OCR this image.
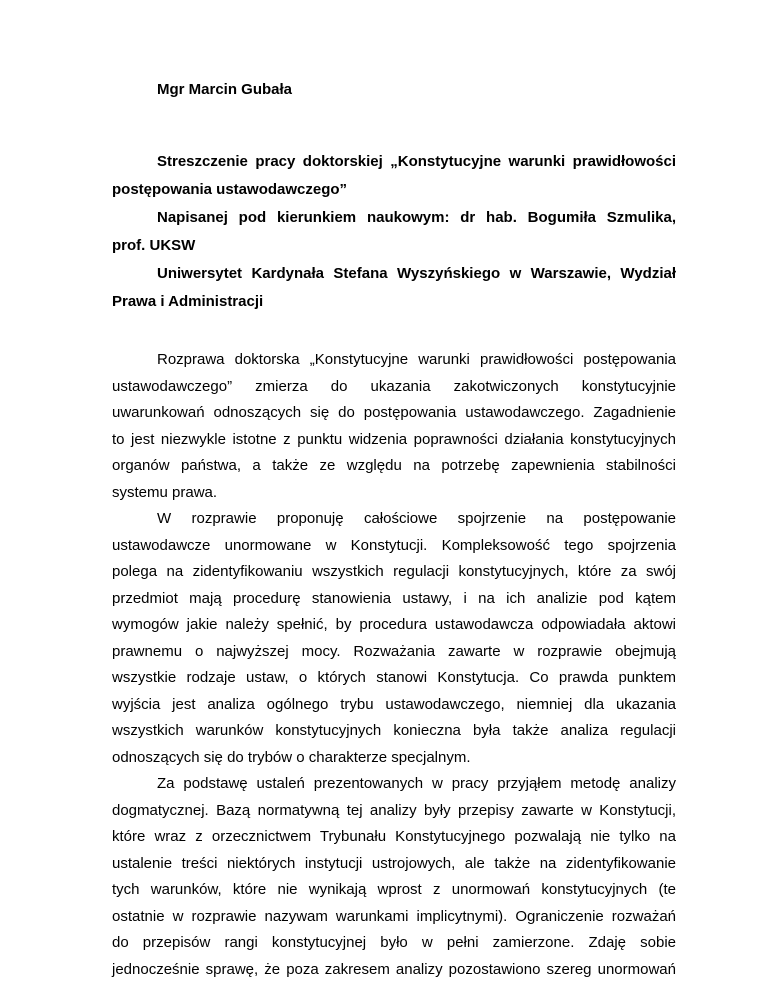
Mgr Marcin Gubała
Streszczenie pracy doktorskiej „Konstytucyjne warunki prawidłowości
postępowania ustawodawczego”
Napisanej pod kierunkiem naukowym: dr hab. Bogumiła Szmulika,
prof. UKSW
Uniwersytet Kardynała Stefana Wyszyńskiego w Warszawie, Wydział
Prawa i Administracji
Rozprawa doktorska „Konstytucyjne warunki prawidłowości postępowania
ustawodawczego” zmierza do ukazania zakotwiczonych konstytucyjnie
uwarunkowań odnoszących się do postępowania ustawodawczego. Zagadnienie
to jest niezwykle istotne z punktu widzenia poprawności działania konstytucyjnych
organów państwa, a także ze względu na potrzebę zapewnienia stabilności
systemu prawa.
W rozprawie proponuję całościowe spojrzenie na postępowanie
ustawodawcze unormowane w Konstytucji. Kompleksowość tego spojrzenia
polega na zidentyfikowaniu wszystkich regulacji konstytucyjnych, które za swój
przedmiot mają procedurę stanowienia ustawy, i na ich analizie pod kątem
wymogów jakie należy spełnić, by procedura ustawodawcza odpowiadała aktowi
prawnemu o najwyższej mocy. Rozważania zawarte w rozprawie obejmują
wszystkie rodzaje ustaw, o których stanowi Konstytucja. Co prawda punktem
wyjścia jest analiza ogólnego trybu ustawodawczego, niemniej dla ukazania
wszystkich warunków konstytucyjnych konieczna była także analiza regulacji
odnoszących się do trybów o charakterze specjalnym.
Za podstawę ustaleń prezentowanych w pracy przyjąłem metodę analizy
dogmatycznej. Bazą normatywną tej analizy były przepisy zawarte w Konstytucji,
które wraz z orzecznictwem Trybunału Konstytucyjnego pozwalają nie tylko na
ustalenie treści niektórych instytucji ustrojowych, ale także na zidentyfikowanie
tych warunków, które nie wynikają wprost z unormowań konstytucyjnych (te
ostatnie w rozprawie nazywam warunkami implicytnymi). Ograniczenie rozważań
do przepisów rangi konstytucyjnej było w pełni zamierzone. Zdaję sobie
jednocześnie sprawę, że poza zakresem analizy pozostawiono szereg unormowań
